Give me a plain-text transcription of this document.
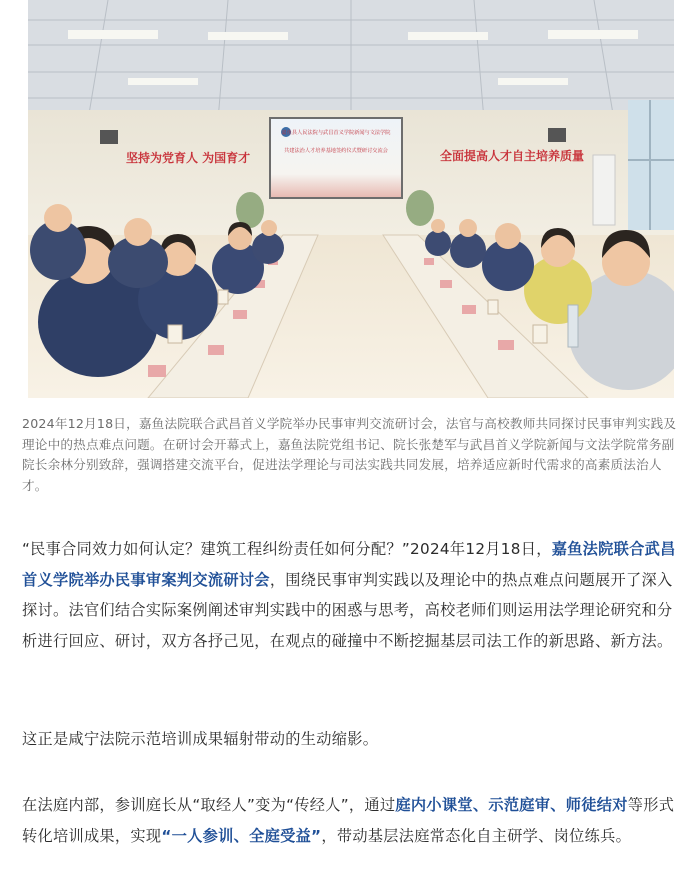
坚持为党育人 为国育才	全面提高人才自主培养质量
嘉鱼县人民法院与武昌首义学院新闻与文法学院
共建法治人才培养基地签约仪式暨研讨交流会
2024年12月18日，嘉鱼法院联合武昌首义学院举办民事审判交流研讨会，法官与高校教师共同探讨民事审判实践及理论中的热点难点问题。在研讨会开幕式上，嘉鱼法院党组书记、院长张楚军与武昌首义学院新闻与文法学院常务副院长余林分别致辞，强调搭建交流平台，促进法学理论与司法实践共同发展，培养适应新时代需求的高素质法治人才。
“民事合同效力如何认定？建筑工程纠纷责任如何分配？”2024年12月18日，嘉鱼法院联合武昌首义学院举办民事审案判交流研讨会，围绕民事审判实践以及理论中的热点难点问题展开了深入探讨。法官们结合实际案例阐述审判实践中的困惑与思考，高校老师们则运用法学理论研究和分析进行回应、研讨，双方各抒己见，在观点的碰撞中不断挖掘基层司法工作的新思路、新方法。
这正是咸宁法院示范培训成果辐射带动的生动缩影。
在法庭内部，参训庭长从“取经人”变为“传经人”，通过庭内小课堂、示范庭审、师徒结对等形式转化培训成果，实现“一人参训、全庭受益”，带动基层法庭常态化自主研学、岗位练兵。
